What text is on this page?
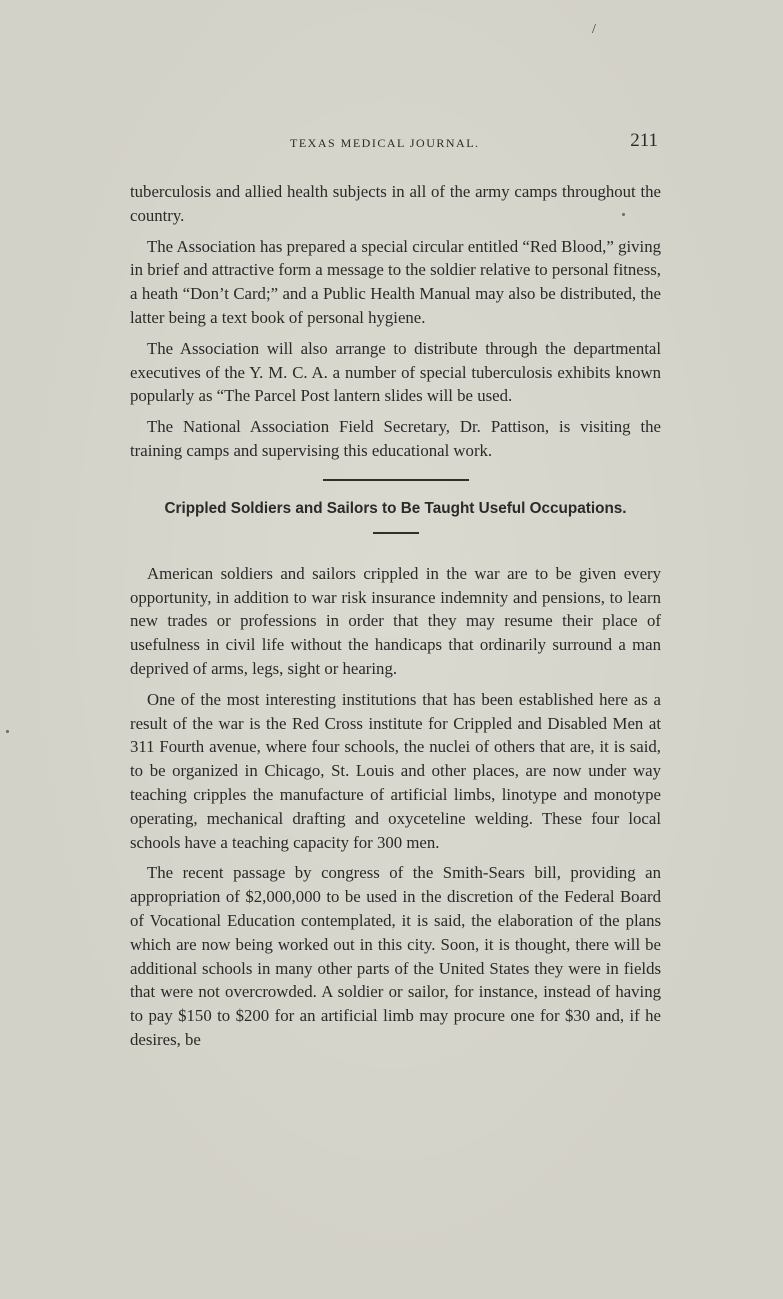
/
TEXAS MEDICAL JOURNAL.	211

tuberculosis and allied health subjects in all of the army camps throughout the country.

The Association has prepared a special circular entitled “Red Blood,” giving in brief and attractive form a message to the soldier relative to personal fitness, a heath “Don’t Card;” and a Public Health Manual may also be distributed, the latter being a text book of personal hygiene.

The Association will also arrange to distribute through the departmental executives of the Y. M. C. A. a number of special tuberculosis exhibits known popularly as “The Parcel Post lantern slides will be used.

The National Association Field Secretary, Dr. Pattison, is visiting the training camps and supervising this educational work.

Crippled Soldiers and Sailors to Be Taught Useful Occupations.

American soldiers and sailors crippled in the war are to be given every opportunity, in addition to war risk insurance indemnity and pensions, to learn new trades or professions in order that they may resume their place of usefulness in civil life without the handicaps that ordinarily surround a man deprived of arms, legs, sight or hearing.

One of the most interesting institutions that has been established here as a result of the war is the Red Cross institute for Crippled and Disabled Men at 311 Fourth avenue, where four schools, the nuclei of others that are, it is said, to be organized in Chicago, St. Louis and other places, are now under way teaching cripples the manufacture of artificial limbs, linotype and monotype operating, mechanical drafting and oxyceteline welding. These four local schools have a teaching capacity for 300 men.

The recent passage by congress of the Smith-Sears bill, providing an appropriation of $2,000,000 to be used in the discretion of the Federal Board of Vocational Education contemplated, it is said, the elaboration of the plans which are now being worked out in this city. Soon, it is thought, there will be additional schools in many other parts of the United States they were in fields that were not overcrowded. A soldier or sailor, for instance, instead of having to pay $150 to $200 for an artificial limb may procure one for $30 and, if he desires, be
